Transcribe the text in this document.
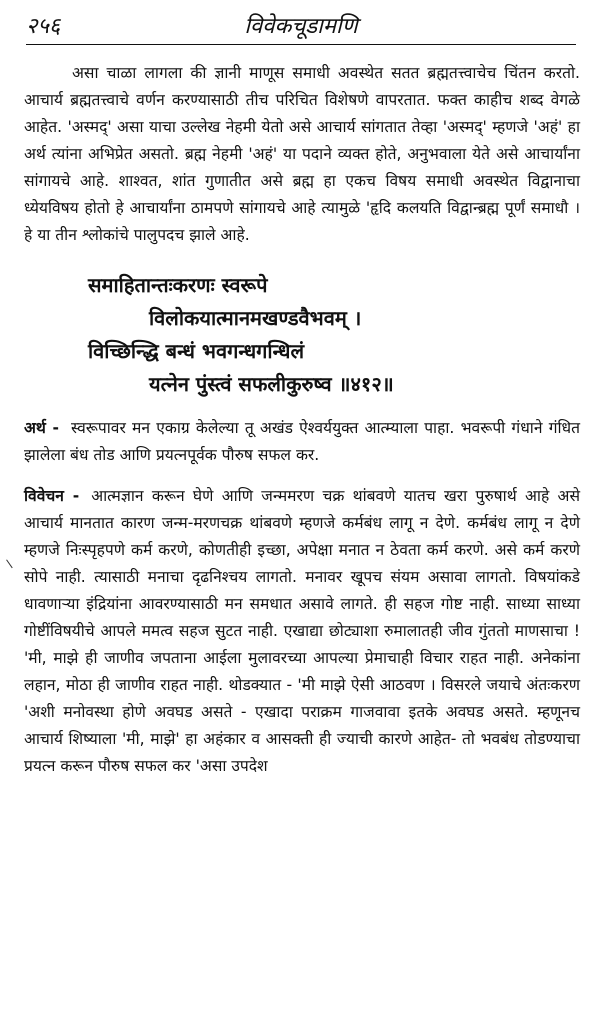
२५६	विवेकचूडामणि

असा चाळा लागला की ज्ञानी माणूस समाधी अवस्थेत सतत ब्रह्मतत्त्वाचेच चिंतन करतो. आचार्य ब्रह्मतत्त्वाचे वर्णन करण्यासाठी तीच परिचित विशेषणे वापरतात. फक्त काहीच शब्द वेगळे आहेत. 'अस्मद्' असा याचा उल्लेख नेहमी येतो असे आचार्य सांगतात तेव्हा 'अस्मद्' म्हणजे 'अहं' हा अर्थ त्यांना अभिप्रेत असतो. ब्रह्म नेहमी 'अहं' या पदाने व्यक्त होते, अनुभवाला येते असे आचार्यांना सांगायचे आहे. शाश्वत, शांत गुणातीत असे ब्रह्म हा एकच विषय समाधी अवस्थेत विद्वानाचा ध्येयविषय होतो हे आचार्यांना ठामपणे सांगायचे आहे त्यामुळे 'हृदि कलयति विद्वान्ब्रह्म पूर्णं समाधौ । हे या तीन श्लोकांचे पालुपदच झाले आहे.

समाहितान्तःकरणः स्वरूपे
विलोकयात्मानमखण्डवैभवम् ।
विच्छिन्द्धि बन्धं भवगन्धगन्धिलं
यत्नेन पुंस्त्वं सफलीकुरुष्व ॥४१२॥

अर्थ - स्वरूपावर मन एकाग्र केलेल्या तू अखंड ऐश्वर्ययुक्त आत्म्याला पाहा. भवरूपी गंधाने गंधित झालेला बंध तोड आणि प्रयत्नपूर्वक पौरुष सफल कर.

विवेचन - आत्मज्ञान करून घेणे आणि जन्ममरण चक्र थांबवणे यातच खरा पुरुषार्थ आहे असे आचार्य मानतात कारण जन्म-मरणचक्र थांबवणे म्हणजे कर्मबंध लागू न देणे. कर्मबंध लागू न देणे म्हणजे निःस्पृहपणे कर्म करणे, कोणतीही इच्छा, अपेक्षा मनात न ठेवता कर्म करणे. असे कर्म करणे सोपे नाही. त्यासाठी मनाचा दृढनिश्चय लागतो. मनावर खूपच संयम असावा लागतो. विषयांकडे धावणाऱ्या इंद्रियांना आवरण्यासाठी मन समधात असावे लागते. ही सहज गोष्ट नाही. साध्या साध्या गोष्टींविषयीचे आपले ममत्व सहज सुटत नाही. एखाद्या छोट्याशा रुमालातही जीव गुंततो माणसाचा ! 'मी, माझे ही जाणीव जपताना आईला मुलावरच्या आपल्या प्रेमाचाही विचार राहत नाही. अनेकांना लहान, मोठा ही जाणीव राहत नाही. थोडक्यात - 'मी माझे ऐसी आठवण । विसरले जयाचे अंतःकरण 'अशी मनोवस्था होणे अवघड असते - एखादा पराक्रम गाजवावा इतके अवघड असते. म्हणूनच आचार्य शिष्याला 'मी, माझे' हा अहंकार व आसक्ती ही ज्याची कारणे आहेत- तो भवबंध तोडण्याचा प्रयत्न करून पौरुष सफल कर 'असा उपदेश
